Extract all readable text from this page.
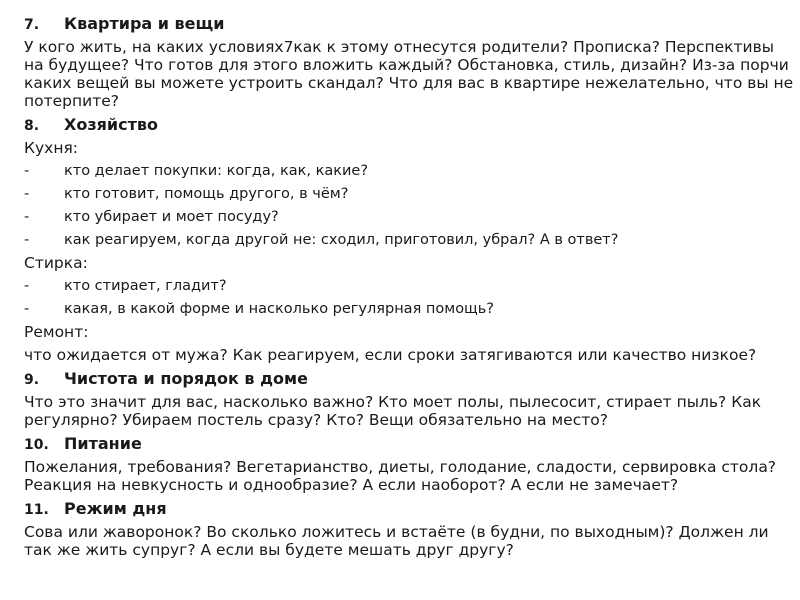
7.	Квартира и вещи

У кого жить, на каких условиях7как к этому отнесутся родители? Прописка? Перспективы на будущее? Что готов для этого вложить каждый? Обстановка, стиль, дизайн? Из-за порчи каких вещей вы можете устроить скандал? Что для вас в квартире нежелательно, что вы не потерпите?

8.	Хозяйство

Кухня:

-	кто делает покупки: когда, как, какие?
-	кто готовит, помощь другого, в чём?
-	кто убирает и моет посуду?
-	как реагируем, когда другой не: сходил, приготовил, убрал? А в ответ?

Стирка:

-	кто стирает, гладит?
-	какая, в какой форме и насколько регулярная помощь?

Ремонт:

что ожидается от мужа? Как реагируем, если сроки затягиваются или качество низкое?

9.	Чистота и порядок в доме

Что это значит для вас, насколько важно? Кто моет полы, пылесосит, стирает пыль? Как регулярно? Убираем постель сразу? Кто? Вещи обязательно на место?

10. Питание

Пожелания, требования? Вегетарианство, диеты, голодание, сладости, сервировка стола? Реакция на невкусность и однообразие? А если наоборот? А если не замечает?

11. Режим дня

Сова или жаворонок? Во сколько ложитесь и встаёте (в будни, по выходным)? Должен ли так же жить супруг? А если вы будете мешать друг другу?
